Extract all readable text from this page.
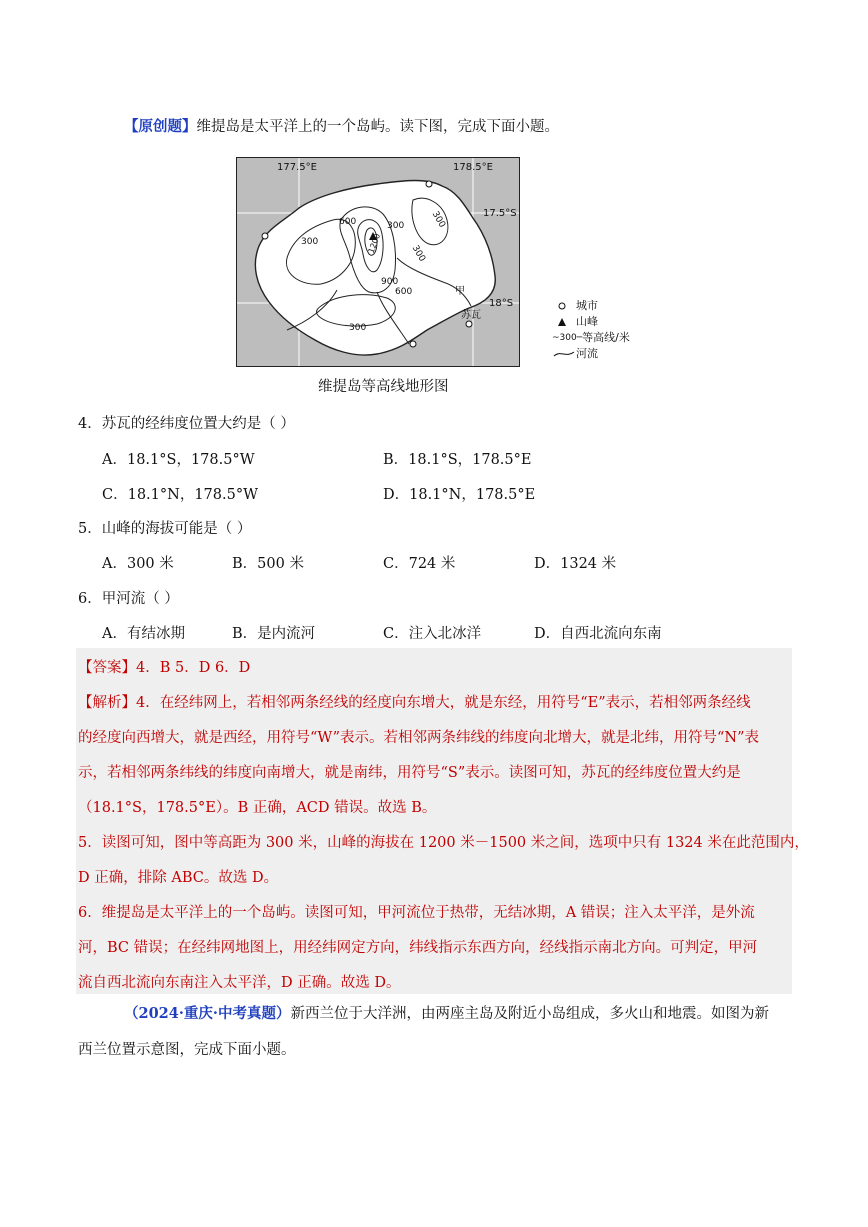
【原创题】维提岛是太平洋上的一个岛屿。读下图，完成下面小题。
177.5°E	178.5°E
17.5°S
18°S
600
1200
300
300
300
900
600
300
300
甲
苏瓦
城市
山峰
~300─ 等高线/米
河流
维提岛等高线地形图
4．苏瓦的经纬度位置大约是（ ）
A．18.1°S，178.5°W	B．18.1°S，178.5°E
C．18.1°N，178.5°W	D．18.1°N，178.5°E
5．山峰的海拔可能是（ ）
A．300 米	B．500 米	C．724 米	D．1324 米
6．甲河流（ ）
A．有结冰期	B．是内流河	C．注入北冰洋	D．自西北流向东南
【答案】4．B 5．D 6．D
【解析】4．在经纬网上，若相邻两条经线的经度向东增大，就是东经，用符号“E”表示，若相邻两条经线
的经度向西增大，就是西经，用符号“W”表示。若相邻两条纬线的纬度向北增大，就是北纬，用符号“N”表
示，若相邻两条纬线的纬度向南增大，就是南纬，用符号“S”表示。读图可知，苏瓦的经纬度位置大约是
（18.1°S，178.5°E）。B 正确，ACD 错误。故选 B。
5．读图可知，图中等高距为 300 米，山峰的海拔在 1200 米－1500 米之间，选项中只有 1324 米在此范围内，
D 正确，排除 ABC。故选 D。
6．维提岛是太平洋上的一个岛屿。读图可知，甲河流位于热带，无结冰期，A 错误；注入太平洋，是外流
河，BC 错误；在经纬网地图上，用经纬网定方向，纬线指示东西方向，经线指示南北方向。可判定，甲河
流自西北流向东南注入太平洋，D 正确。故选 D。
（2024·重庆·中考真题）新西兰位于大洋洲，由两座主岛及附近小岛组成，多火山和地震。如图为新
西兰位置示意图，完成下面小题。
